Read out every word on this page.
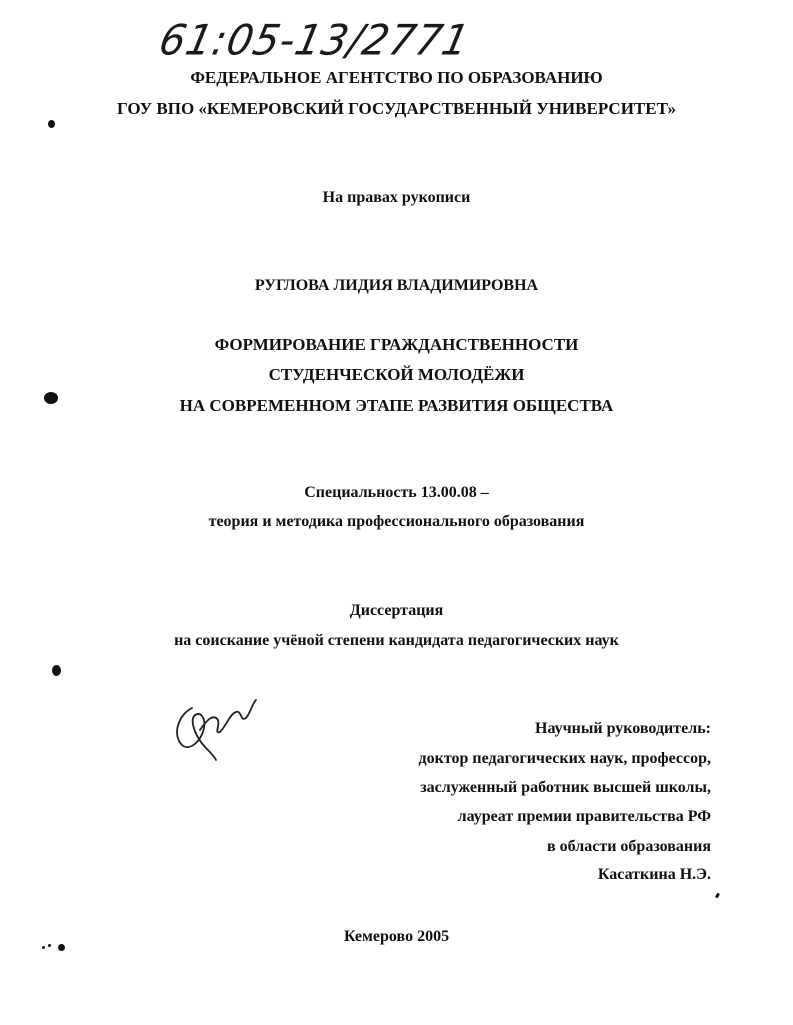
61:05-13/2771
ФЕДЕРАЛЬНОЕ АГЕНТСТВО ПО ОБРАЗОВАНИЮ
ГОУ ВПО «КЕМЕРОВСКИЙ ГОСУДАРСТВЕННЫЙ УНИВЕРСИТЕТ»
На правах рукописи
РУГЛОВА ЛИДИЯ ВЛАДИМИРОВНА
ФОРМИРОВАНИЕ ГРАЖДАНСТВЕННОСТИ
СТУДЕНЧЕСКОЙ МОЛОДЁЖИ
НА СОВРЕМЕННОМ ЭТАПЕ РАЗВИТИЯ ОБЩЕСТВА
Специальность 13.00.08 –
теория и методика профессионального образования
Диссертация
на соискание учёной степени кандидата педагогических наук
Научный руководитель:
доктор педагогических наук, профессор,
заслуженный работник высшей школы,
лауреат премии правительства РФ
в области образования
Касаткина Н.Э.
Кемерово 2005
